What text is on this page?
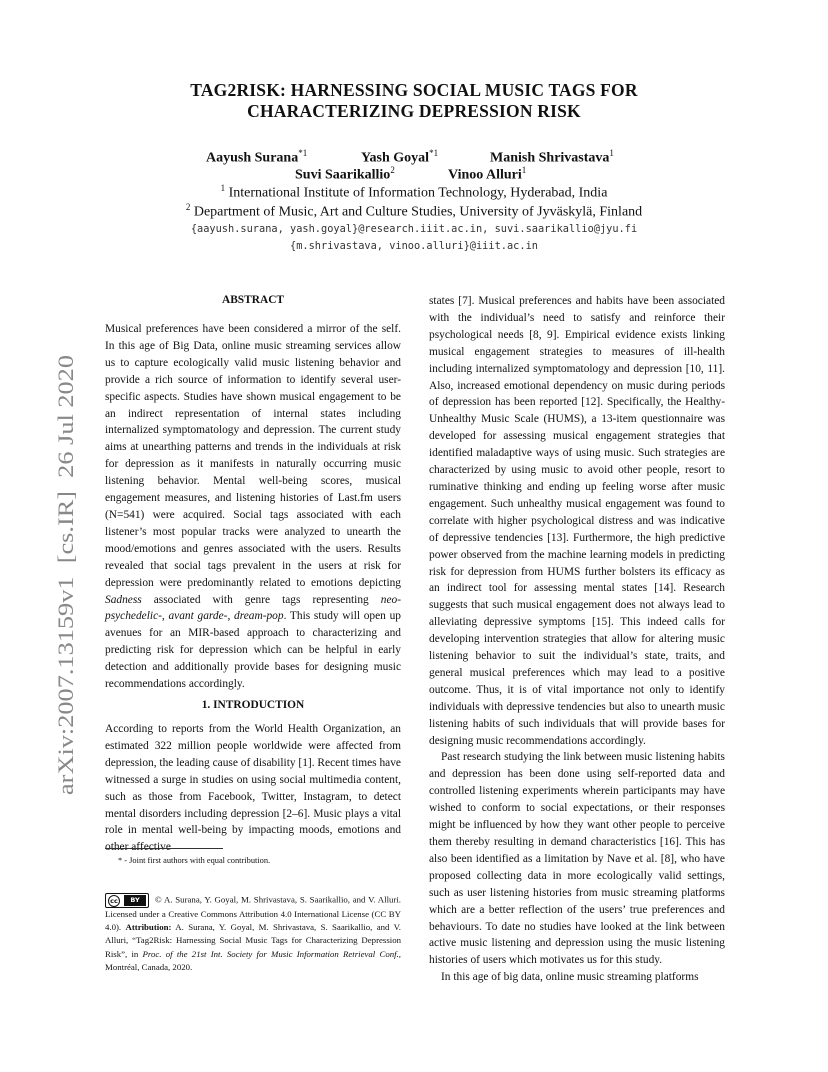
TAG2RISK: HARNESSING SOCIAL MUSIC TAGS FOR
CHARACTERIZING DEPRESSION RISK
Aayush Surana$^{*1}$	Yash Goyal$^{*1}$	Manish Shrivastava$^1$
Suvi Saarikallio$^2$	Vinoo Alluri$^1$
$^1$ International Institute of Information Technology, Hyderabad, India
$^2$ Department of Music, Art and Culture Studies, University of Jyväskylä, Finland
{aayush.surana, yash.goyal}@research.iiit.ac.in, suvi.saarikallio@jyu.fi
{m.shrivastava, vinoo.alluri}@iiit.ac.in
arXiv:2007.13159v1  [cs.IR]  26 Jul 2020
ABSTRACT

Musical preferences have been considered a mirror of the self. In this age of Big Data, online music streaming services allow us to capture ecologically valid music listening behavior and provide a rich source of information to identify several user-specific aspects. Studies have shown musical engagement to be an indirect representation of internal states including internalized symptomatology and depression. The current study aims at unearthing patterns and trends in the individuals at risk for depression as it manifests in naturally occurring music listening behavior. Mental well-being scores, musical engagement measures, and listening histories of Last.fm users (N=541) were acquired. Social tags associated with each listener’s most popular tracks were analyzed to unearth the mood/emotions and genres associated with the users. Results revealed that social tags prevalent in the users at risk for depression were predominantly related to emotions depicting Sadness associated with genre tags representing neo-psychedelic-, avant garde-, dream-pop. This study will open up avenues for an MIR-based approach to characterizing and predicting risk for depression which can be helpful in early detection and additionally provide bases for designing music recommendations accordingly.

1. INTRODUCTION

According to reports from the World Health Organization, an estimated 322 million people worldwide were affected from depression, the leading cause of disability [1]. Recent times have witnessed a surge in studies on using social multimedia content, such as those from Facebook, Twitter, Instagram, to detect mental disorders including depression [2–6]. Music plays a vital role in mental well-being by impacting moods, emotions and

* - Joint first authors with equal contribution.
cc	BY	© A. Surana, Y. Goyal, M. Shrivastava, S. Saarikallio, and V. Alluri. Licensed under a Creative Commons Attribution 4.0 International License (CC BY 4.0). Attribution: A. Surana, Y. Goyal, M. Shrivastava, S. Saarikallio, and V. Alluri, “Tag2Risk: Harnessing Social Music Tags for Characterizing Depression Risk”, in Proc. of the 21st Int. Society for Music Information Retrieval Conf., Montréal, Canada, 2020.

states [7]. Musical preferences and habits have been associated with the individual’s need to satisfy and reinforce their psychological needs [8, 9]. Empirical evidence exists linking musical engagement strategies to measures of ill-health including internalized symptomatology and depression [10, 11]. Also, increased emotional dependency on music during periods of depression has been reported [12]. Specifically, the Healthy-Unhealthy Music Scale (HUMS), a 13-item questionnaire was developed for assessing musical engagement strategies that identified maladaptive ways of using music. Such strategies are characterized by using music to avoid other people, resort to ruminative thinking and ending up feeling worse after music engagement. Such unhealthy musical engagement was found to correlate with higher psychological distress and was indicative of depressive tendencies [13]. Furthermore, the high predictive power observed from the machine learning models in predicting risk for depression from HUMS further bolsters its efficacy as an indirect tool for assessing mental states [14]. Research suggests that such musical engagement does not always lead to alleviating depressive symptoms [15]. This indeed calls for developing intervention strategies that allow for altering music listening behavior to suit the individual’s state, traits, and general musical preferences which may lead to a positive outcome. Thus, it is of vital importance not only to identify individuals with depressive tendencies but also to unearth music listening habits of such individuals that will provide bases for designing music recommendations accordingly.

Past research studying the link between music listening habits and depression has been done using self-reported data and controlled listening experiments wherein participants may have wished to conform to social expectations, or their responses might be influenced by how they want other people to perceive them thereby resulting in demand characteristics [16]. This has also been identified as a limitation by Nave et al. [8], who have proposed collecting data in more ecologically valid settings, such as user listening histories from music streaming platforms which are a better reflection of the users’ true preferences and behaviours. To date no studies have looked at the link between active music listening and depression using the music listening histories of users which motivates us for this study.

In this age of big data, online music streaming platforms
